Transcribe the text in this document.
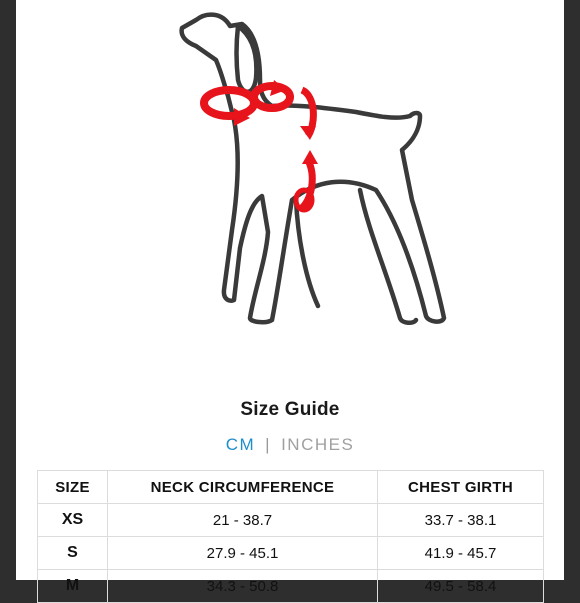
Size Guide
CM | INCHES
SIZE	NECK CIRCUMFERENCE	CHEST GIRTH
XS	21 - 38.7	33.7 - 38.1
S	27.9 - 45.1	41.9 - 45.7
M	34.3 - 50.8	49.5 - 58.4
